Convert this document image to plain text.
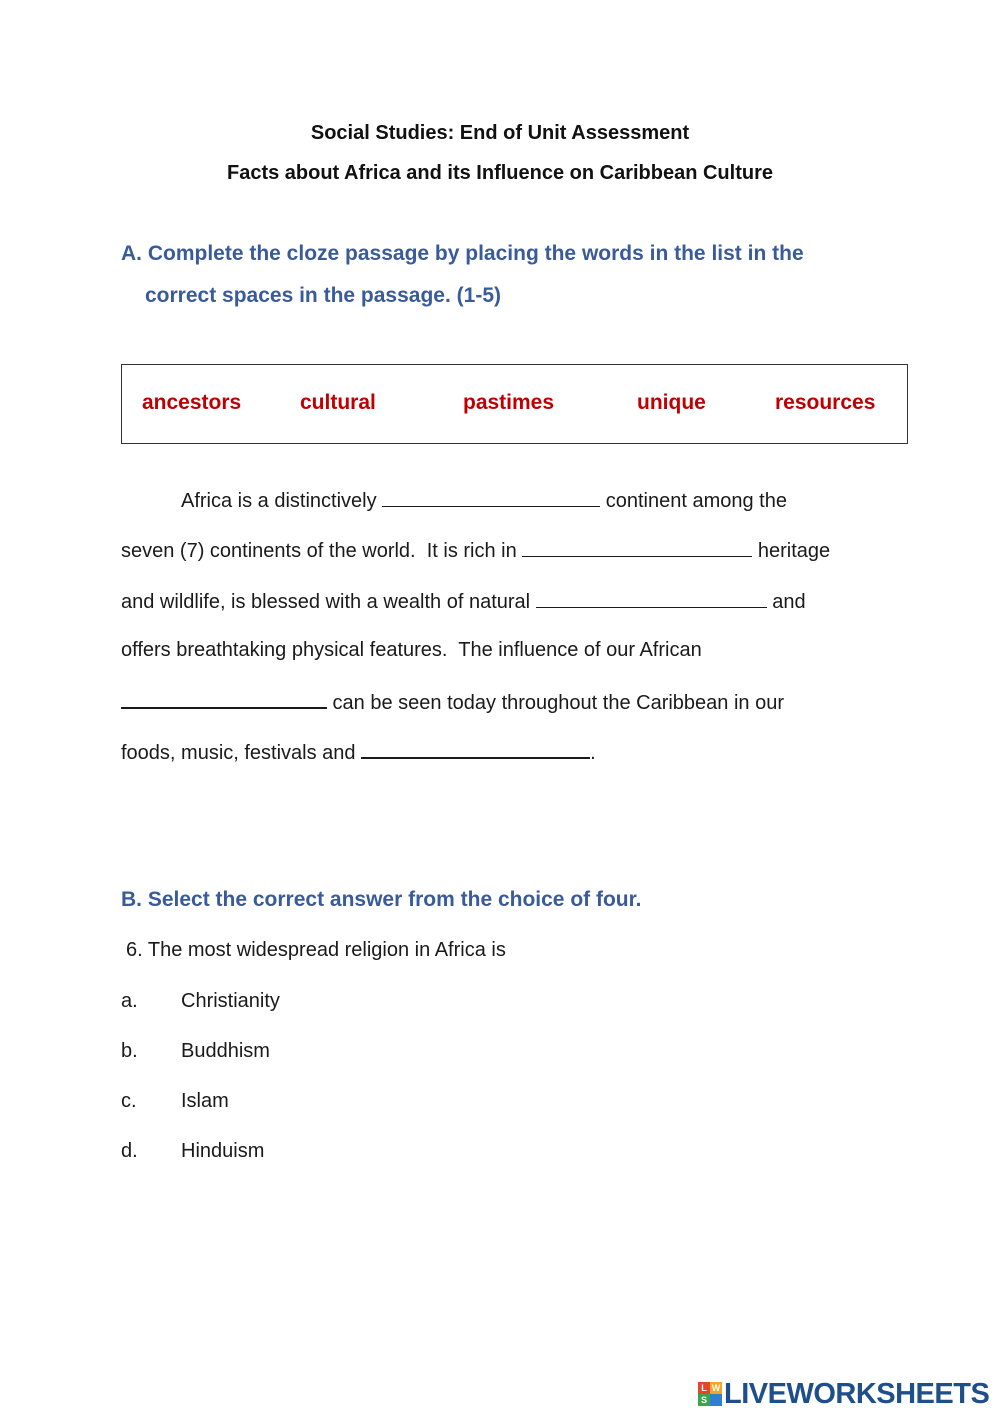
Social Studies: End of Unit Assessment
Facts about Africa and its Influence on Caribbean Culture
A. Complete the cloze passage by placing the words in the list in the
correct spaces in the passage. (1-5)
ancestors	cultural	pastimes	unique	resources
Africa is a distinctively	continent among the
seven (7) continents of the world.  It is rich in	heritage
and wildlife, is blessed with a wealth of natural	and
offers breathtaking physical features.  The influence of our African
can be seen today throughout the Caribbean in our
foods, music, festivals and	.
B. Select the correct answer from the choice of four.
6. The most widespread religion in Africa is
a. Christianity
b. Buddhism
c. Islam
d. Hinduism
L W
S LIVEWORKSHEETS
